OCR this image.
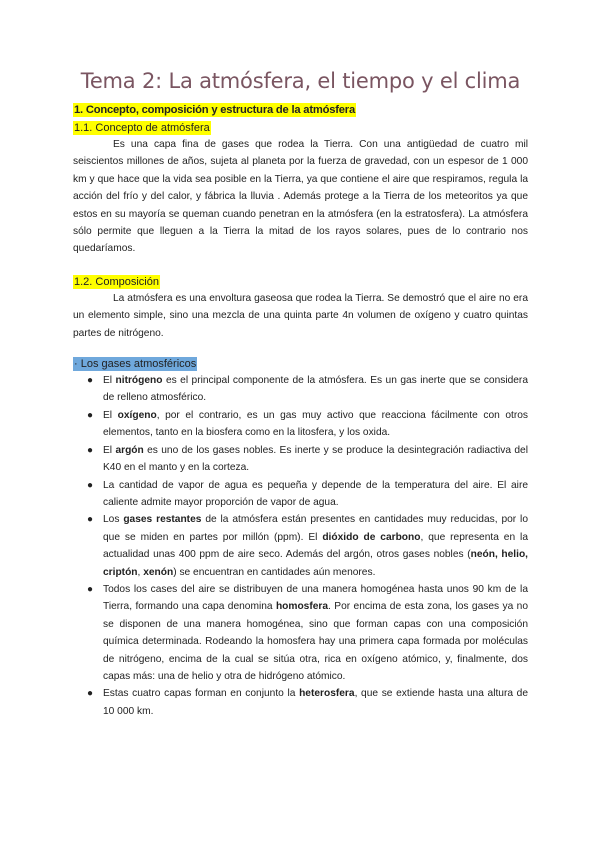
Tema 2: La atmósfera, el tiempo y el clima
1. Concepto, composición y estructura de la atmósfera
1.1. Concepto de atmósfera

Es una capa fina de gases que rodea la Tierra. Con una antigüedad de cuatro mil seiscientos millones de años, sujeta al planeta por la fuerza de gravedad, con un espesor de 1 000 km y que hace que la vida sea posible en la Tierra, ya que contiene el aire que respiramos, regula la acción del frío y del calor, y fábrica la lluvia . Además protege a la Tierra de los meteoritos ya que estos en su mayoría se queman cuando penetran en la atmósfera (en la estratosfera). La atmósfera sólo permite que lleguen a la Tierra la mitad de los rayos solares, pues de lo contrario nos quedaríamos.

1.2. Composición

La atmósfera es una envoltura gaseosa que rodea la Tierra. Se demostró que el aire no era un elemento simple, sino una mezcla de una quinta parte 4n volumen de oxígeno y cuatro quintas partes de nitrógeno.

· Los gases atmosféricos
● El nitrógeno es el principal componente de la atmósfera. Es un gas inerte que se considera de relleno atmosférico.
● El oxígeno, por el contrario, es un gas muy activo que reacciona fácilmente con otros elementos, tanto en la biosfera como en la litosfera, y los oxida.
● El argón es uno de los gases nobles. Es inerte y se produce la desintegración radiactiva del K40 en el manto y en la corteza.
● La cantidad de vapor de agua es pequeña y depende de la temperatura del aire. El aire caliente admite mayor proporción de vapor de agua.
● Los gases restantes de la atmósfera están presentes en cantidades muy reducidas, por lo que se miden en partes por millón (ppm). El dióxido de carbono, que representa en la actualidad unas 400 ppm de aire seco. Además del argón, otros gases nobles (neón, helio, criptón, xenón) se encuentran en cantidades aún menores.
● Todos los cases del aire se distribuyen de una manera homogénea hasta unos 90 km de la Tierra, formando una capa denomina homosfera. Por encima de esta zona, los gases ya no se disponen de una manera homogénea, sino que forman capas con una composición química determinada. Rodeando la homosfera hay una primera capa formada por moléculas de nitrógeno, encima de la cual se sitúa otra, rica en oxígeno atómico, y, finalmente, dos capas más: una de helio y otra de hidrógeno atómico.
● Estas cuatro capas forman en conjunto la heterosfera, que se extiende hasta una altura de 10 000 km.
